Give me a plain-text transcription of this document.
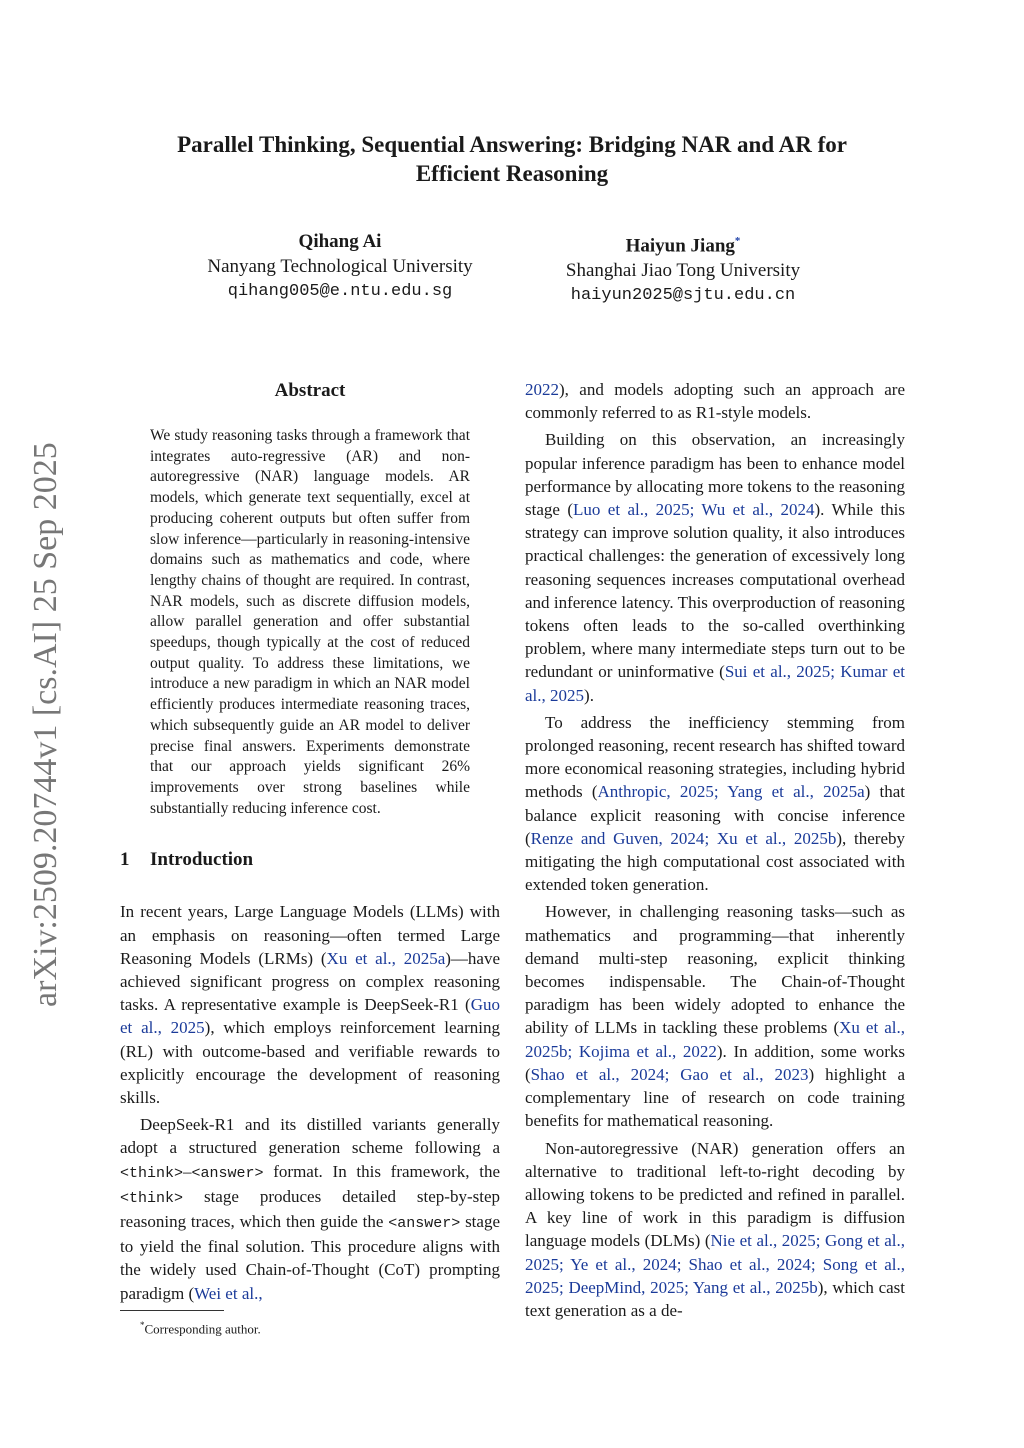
arXiv:2509.20744v1 [cs.AI] 25 Sep 2025
Parallel Thinking, Sequential Answering: Bridging NAR and AR for
Efficient Reasoning
Qihang Ai
Nanyang Technological University
qihang005@e.ntu.edu.sg
Haiyun Jiang*
Shanghai Jiao Tong University
haiyun2025@sjtu.edu.cn
Abstract
We study reasoning tasks through a framework that integrates auto-regressive (AR) and non-autoregressive (NAR) language models. AR models, which generate text sequentially, excel at producing coherent outputs but often suffer from slow inference—particularly in reasoning-intensive domains such as mathematics and code, where lengthy chains of thought are required. In contrast, NAR models, such as discrete diffusion models, allow parallel generation and offer substantial speedups, though typically at the cost of reduced output quality. To address these limitations, we introduce a new paradigm in which an NAR model efficiently produces intermediate reasoning traces, which subsequently guide an AR model to deliver precise final answers. Experiments demonstrate that our approach yields significant 26% improvements over strong baselines while substantially reducing inference cost.
1 Introduction

In recent years, Large Language Models (LLMs) with an emphasis on reasoning—often termed Large Reasoning Models (LRMs) (Xu et al., 2025a)—have achieved significant progress on complex reasoning tasks. A representative example is DeepSeek-R1 (Guo et al., 2025), which employs reinforcement learning (RL) with outcome-based and verifiable rewards to explicitly encourage the development of reasoning skills.

DeepSeek-R1 and its distilled variants generally adopt a structured generation scheme following a <think>–<answer> format. In this framework, the <think> stage produces detailed step-by-step reasoning traces, which then guide the <answer> stage to yield the final solution. This procedure aligns with the widely used Chain-of-Thought (CoT) prompting paradigm (Wei et al.,

*Corresponding author.

2022), and models adopting such an approach are commonly referred to as R1-style models.

Building on this observation, an increasingly popular inference paradigm has been to enhance model performance by allocating more tokens to the reasoning stage (Luo et al., 2025; Wu et al., 2024). While this strategy can improve solution quality, it also introduces practical challenges: the generation of excessively long reasoning sequences increases computational overhead and inference latency. This overproduction of reasoning tokens often leads to the so-called overthinking problem, where many intermediate steps turn out to be redundant or uninformative (Sui et al., 2025; Kumar et al., 2025).

To address the inefficiency stemming from prolonged reasoning, recent research has shifted toward more economical reasoning strategies, including hybrid methods (Anthropic, 2025; Yang et al., 2025a) that balance explicit reasoning with concise inference (Renze and Guven, 2024; Xu et al., 2025b), thereby mitigating the high computational cost associated with extended token generation.

However, in challenging reasoning tasks—such as mathematics and programming—that inherently demand multi-step reasoning, explicit thinking becomes indispensable. The Chain-of-Thought paradigm has been widely adopted to enhance the ability of LLMs in tackling these problems (Xu et al., 2025b; Kojima et al., 2022). In addition, some works (Shao et al., 2024; Gao et al., 2023) highlight a complementary line of research on code training benefits for mathematical reasoning.

Non-autoregressive (NAR) generation offers an alternative to traditional left-to-right decoding by allowing tokens to be predicted and refined in parallel. A key line of work in this paradigm is diffusion language models (DLMs) (Nie et al., 2025; Gong et al., 2025; Ye et al., 2024; Shao et al., 2024; Song et al., 2025; DeepMind, 2025; Yang et al., 2025b), which cast text generation as a de-
